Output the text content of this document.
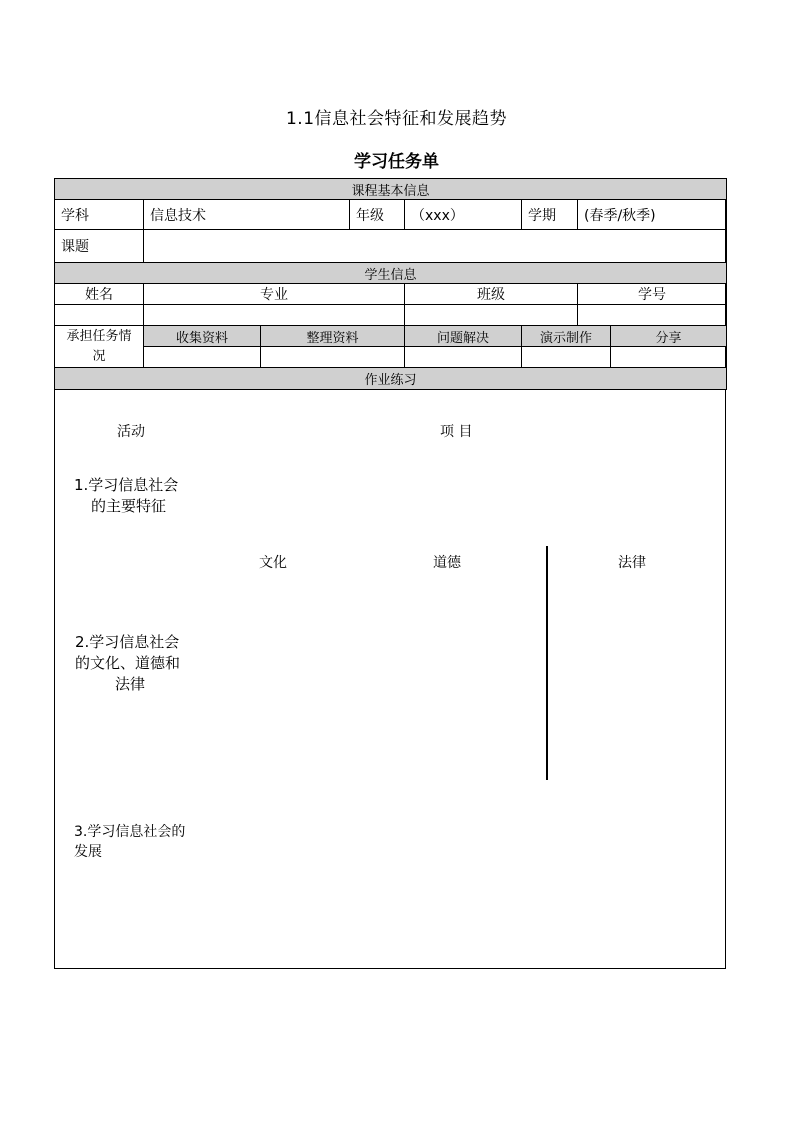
1.1信息社会特征和发展趋势
学习任务单
课程基本信息							
学科	信息技术		年级	（xxx）	学期	(春季/秋季)	
课题							
学生信息							
姓名	专业			班级		学号	

承担任务情况	收集资料	整理资料		问题解决	演示制作		分享

作业练习							
活动	项 目
1.学习信息社会
的主要特征
文化	道德	法律
2.学习信息社会
的文化、道德和
法律
3.学习信息社会的
发展
